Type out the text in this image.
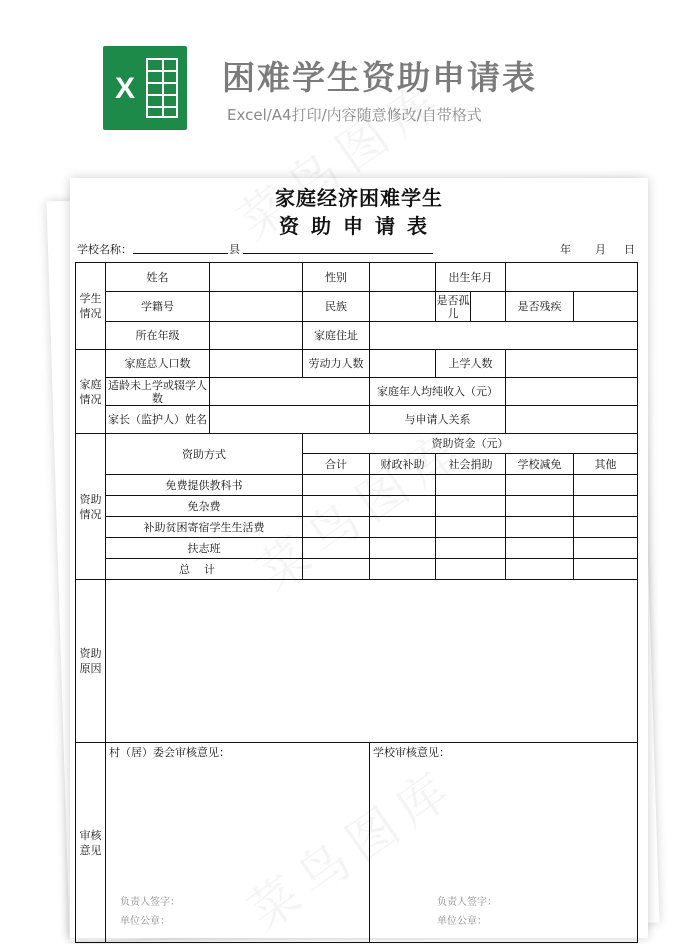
X	困难学生资助申请表
Excel/A4打印/内容随意修改/自带格式
家庭经济困难学生
资助申请表
学校名称：	县	年 月 日
学生情况	姓名		性别		出生年月			
	学籍号		民族		是否孤儿		是否残疾	
	所在年级		家庭住址					
家庭情况	家庭总人口数		劳动力人数		上学人数			
	适龄未上学或辍学人数			家庭年人均纯收入（元）				
	家长（监护人）姓名			与申请人关系				
资助情况	资助方式		资助资金（元）					
			合计	财政补助	社会捐助		学校减免	其他
	免费提供教科书							
	免杂费							
	补助贫困寄宿学生生活费							
	扶志班							
	总计							
资助原因								
审核意见	村（居）委会审核意见：			学校审核意见：				
负责人签字：
单位公章：
负责人签字：
单位公章：
